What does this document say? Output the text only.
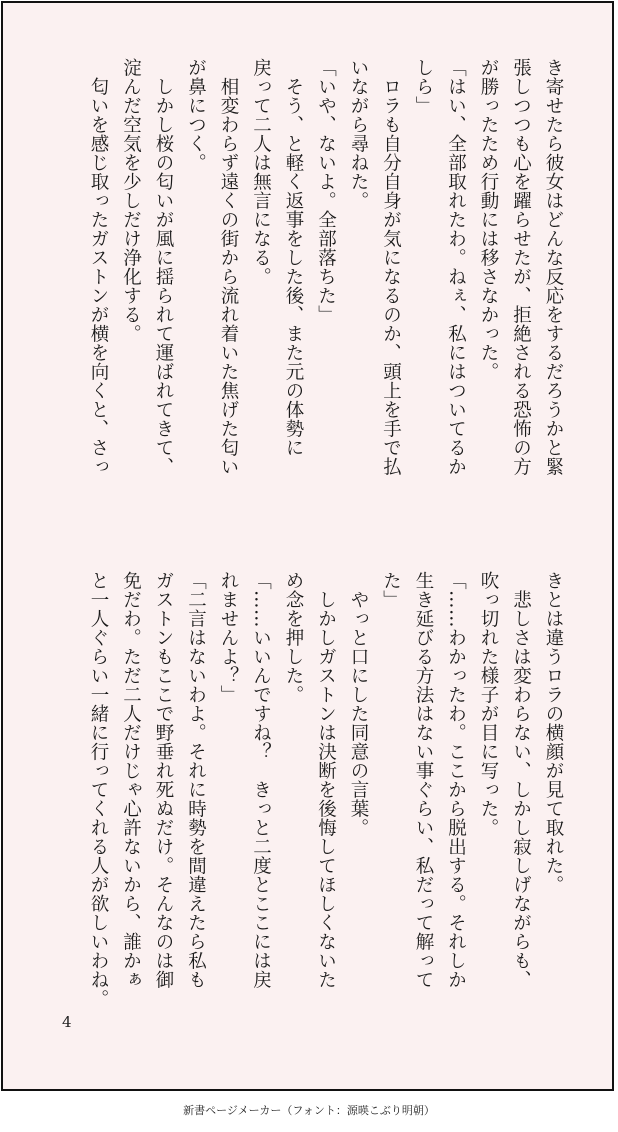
き寄せたら彼女はどんな反応をするだろうかと緊
張しつつも心を躍らせたが、拒絶される恐怖の方
が勝ったため行動には移さなかった。
「はい、全部取れたわ。ねぇ、私にはついてるか
しら」
　ロラも自分自身が気になるのか、頭上を手で払
いながら尋ねた。
「いや、ないよ。全部落ちた」
　そう、と軽く返事をした後、また元の体勢に
戻って二人は無言になる。
　相変わらず遠くの街から流れ着いた焦げた匂い
が鼻につく。
　しかし桜の匂いが風に揺られて運ばれてきて、
淀んだ空気を少しだけ浄化する。
　匂いを感じ取ったガストンが横を向くと、さっ
きとは違うロラの横顔が見て取れた。
　悲しさは変わらない、しかし寂しげながらも、
吹っ切れた様子が目に写った。
「……わかったわ。ここから脱出する。それしか
生き延びる方法はない事ぐらい、私だって解って
た」
　やっと口にした同意の言葉。
　しかしガストンは決断を後悔してほしくないた
め念を押した。
「……いいんですね？　きっと二度とここには戻
れませんよ？」
「二言はないわよ。それに時勢を間違えたら私も
ガストンもここで野垂れ死ぬだけ。そんなのは御
免だわ。ただ二人だけじゃ心許ないから、誰かぁ
と一人ぐらい一緒に行ってくれる人が欲しいわね。
4
新書ページメーカー（フォント：源暎こぶり明朝）
